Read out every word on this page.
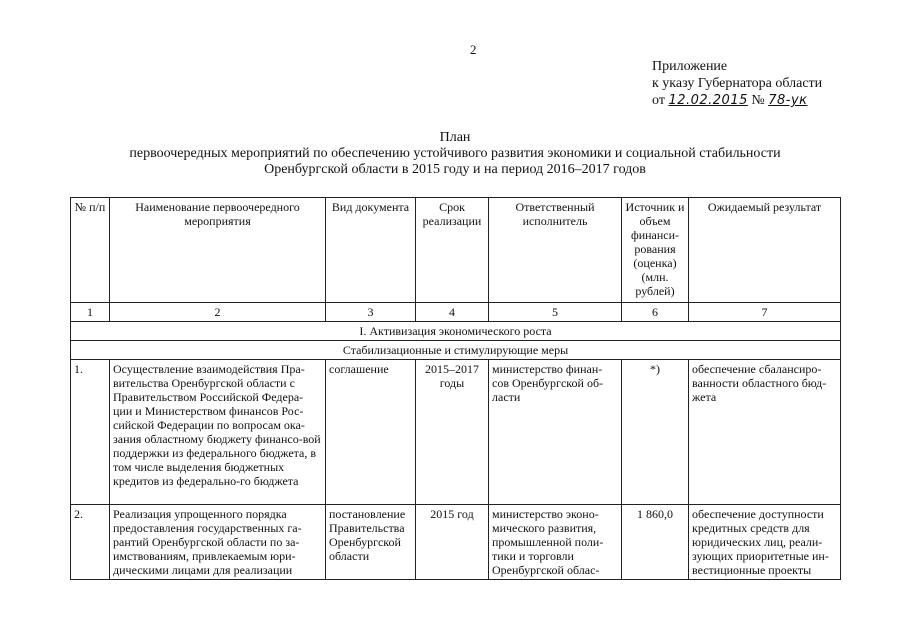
2
Приложение
к указу Губернатора области
от 12.02.2015 № 78-ук
План
первоочередных мероприятий по обеспечению устойчивого развития экономики и социальной стабильности
Оренбургской области в 2015 году и на период 2016–2017 годов
№ п/п	Наименование первоочередного мероприятия	Вид документа	Срок реализации	Ответственный исполнитель	Источник и объем финанси-рования (оценка) (млн. рублей)	Ожидаемый результат
1	2	3	4	5	6	7
I. Активизация экономического роста						
Стабилизационные и стимулирующие меры						
1.	Осуществление взаимодействия Пра-вительства Оренбургской области с Правительством Российской Федера-ции и Министерством финансов Рос-сийской Федерации по вопросам ока-зания областному бюджету финансо-вой поддержки из федерального бюджета, в том числе выделения бюджетных кредитов из федерально-го бюджета	соглашение	2015–2017 годы	министерство финан-сов Оренбургской об-ласти	*)	обеспечение сбалансиро-ванности областного бюд-жета
2.	Реализация упрощенного порядка предоставления государственных га-рантий Оренбургской области по за-имствованиям, привлекаемым юри-дическими лицами для реализации	постановление Правительства Оренбургской области	2015 год	министерство эконо-мического развития, промышленной поли-тики и торговли Оренбургской облас-	1 860,0	обеспечение доступности кредитных средств для юридических лиц, реали-зующих приоритетные ин-вестиционные проекты
